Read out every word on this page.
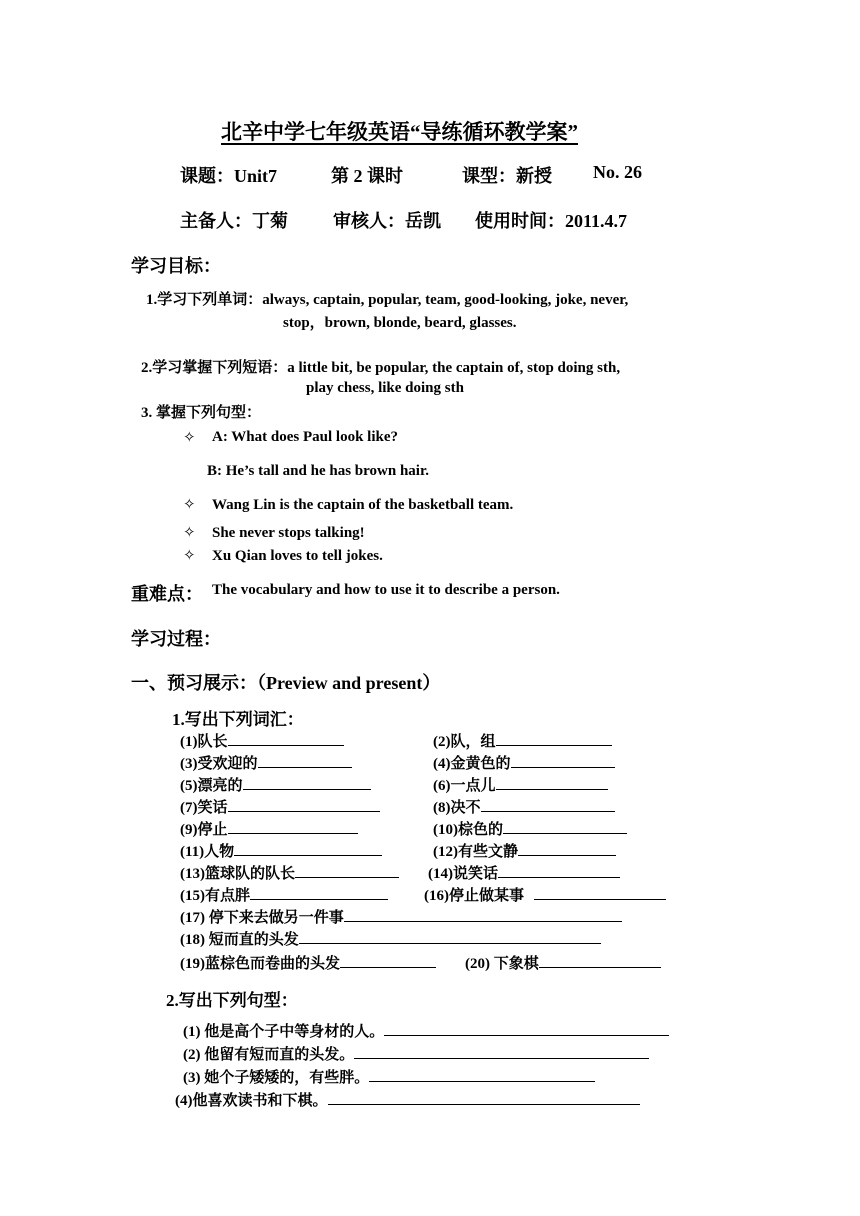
北辛中学七年级英语“导练循环教学案”
课题：Unit7	第 2 课时	课型：新授 No. 26
主备人：丁菊	审核人：岳凯 使用时间：2011.4.7
学习目标：
1.学习下列单词：always, captain, popular, team, good-looking, joke, never,
stop，brown, blonde, beard, glasses.
2.学习掌握下列短语：a little bit, be popular, the captain of, stop doing sth,
play chess, like doing sth
3. 掌握下列句型：
✧ A: What does Paul look like?
B: He’s tall and he has brown hair.
✧ Wang Lin is the captain of the basketball team.
✧ She never stops talking!
✧ Xu Qian loves to tell jokes.
重难点： The vocabulary and how to use it to describe a person.
学习过程：
一、预习展示：（Preview and present）
1.写出下列词汇：
(1)队长	(2)队，组
(3)受欢迎的	(4)金黄色的
(5)漂亮的	(6)一点儿
(7)笑话	(8)决不
(9)停止	(10)棕色的
(11)人物	(12)有些文静
(13)篮球队的队长	(14)说笑话
(15)有点胖	(16)停止做某事
(17) 停下来去做另一件事
(18) 短而直的头发
(19)蓝棕色而卷曲的头发	(20) 下象棋
2.写出下列句型：
(1) 他是高个子中等身材的人。
(2) 他留有短而直的头发。
(3) 她个子矮矮的，有些胖。
(4)他喜欢读书和下棋。
